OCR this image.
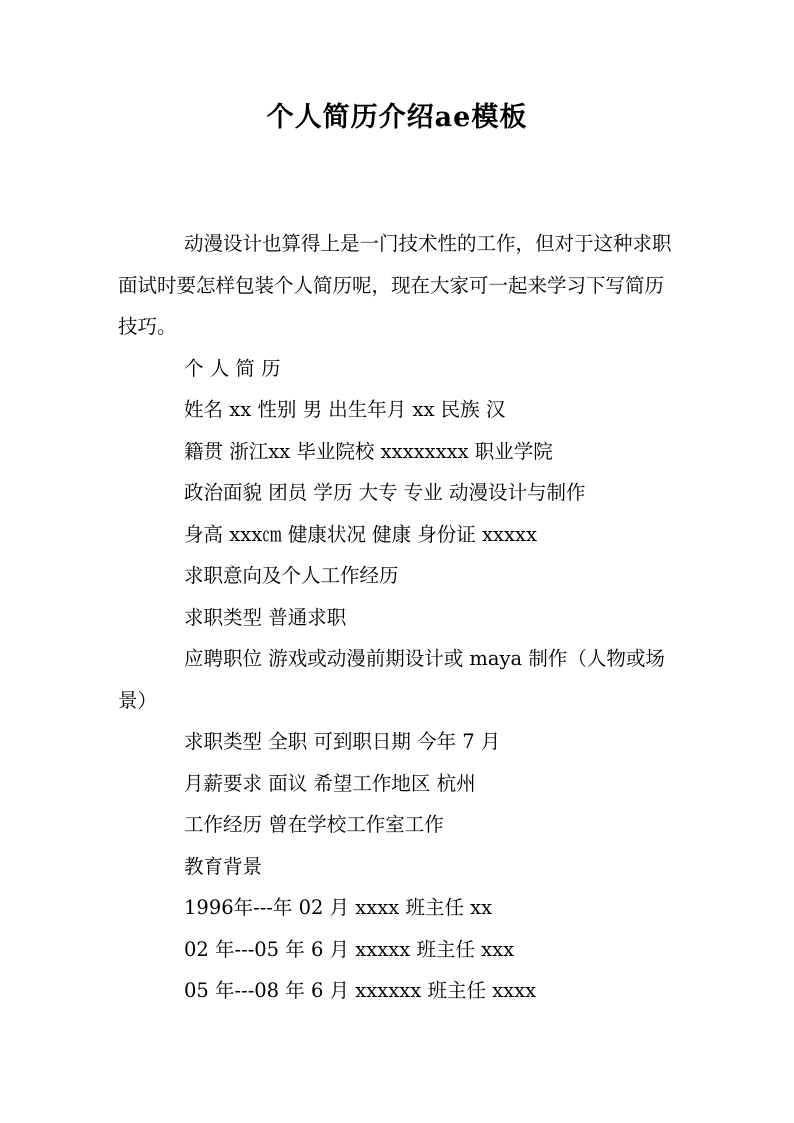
个人简历介绍ae模板

动漫设计也算得上是一门技术性的工作，但对于这种求职面试时要怎样包装个人简历呢，现在大家可一起来学习下写简历技巧。

个 人 简 历

姓名 xx 性别 男 出生年月 xx 民族 汉

籍贯 浙江xx 毕业院校 xxxxxxxx 职业学院

政治面貌 团员 学历 大专 专业 动漫设计与制作

身高 xxx㎝ 健康状况 健康 身份证 xxxxx

求职意向及个人工作经历

求职类型 普通求职

应聘职位 游戏或动漫前期设计或 maya 制作（人物或场景）

求职类型 全职 可到职日期 今年 7 月

月薪要求 面议 希望工作地区 杭州

工作经历 曾在学校工作室工作

教育背景

1996年---年 02 月 xxxx 班主任 xx

02 年---05 年 6 月 xxxxx 班主任 xxx

05 年---08 年 6 月 xxxxxx 班主任 xxxx
